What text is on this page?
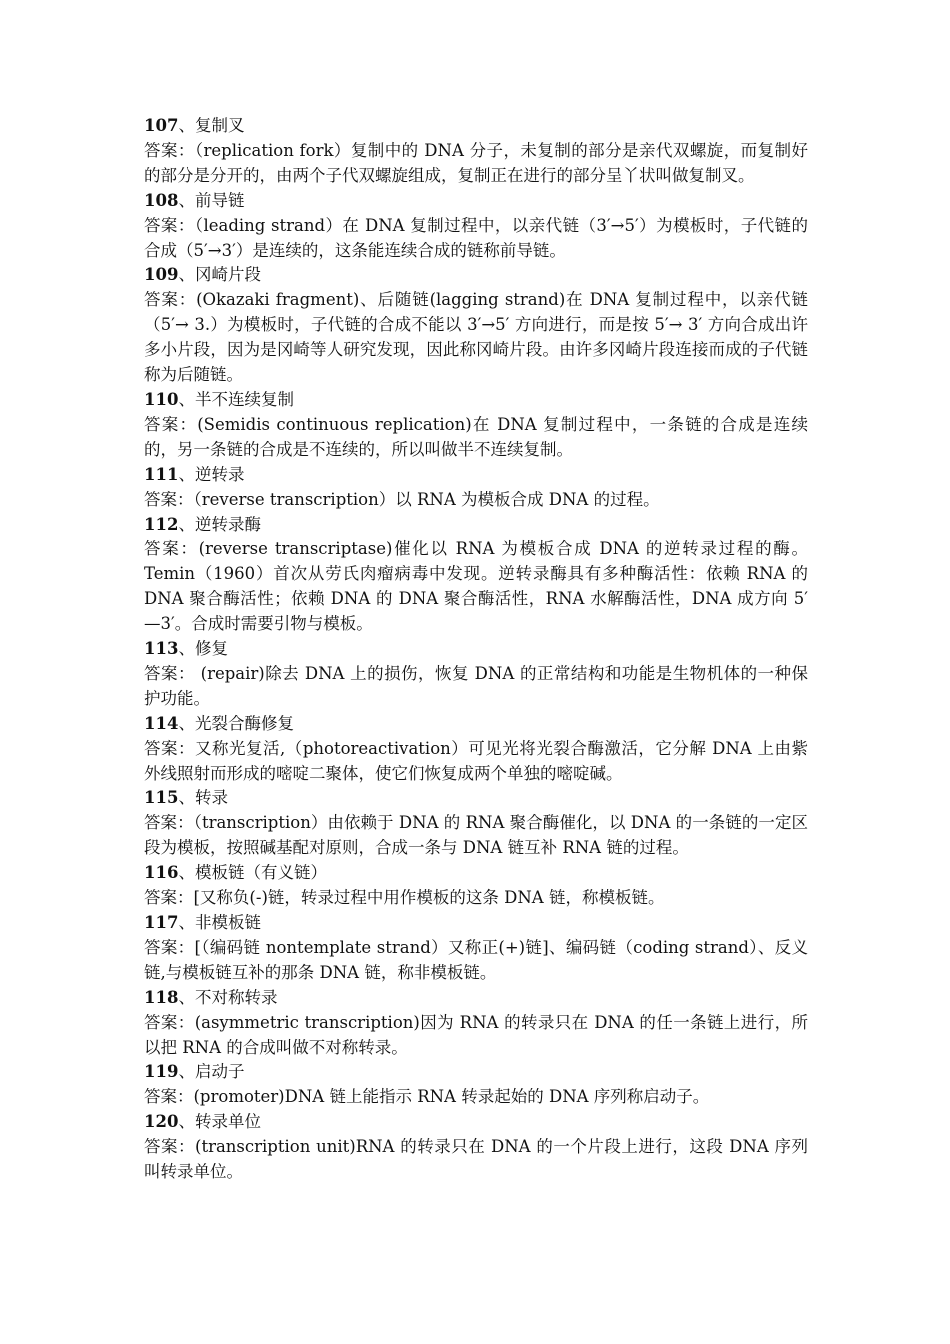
107、复制叉
答案：（replication fork）复制中的 DNA 分子，未复制的部分是亲代双螺旋，而复制好的部分是分开的，由两个子代双螺旋组成，复制正在进行的部分呈丫状叫做复制叉。
108、前导链
答案：（leading strand）在 DNA 复制过程中，以亲代链（3′→5′）为模板时，子代链的合成（5′→3′）是连续的，这条能连续合成的链称前导链。
109、冈崎片段
答案：(Okazaki fragment)、后随链(lagging strand)在 DNA 复制过程中，以亲代链（5′→ 3.）为模板时，子代链的合成不能以 3′→5′ 方向进行，而是按 5′→ 3′ 方向合成出许多小片段，因为是冈崎等人研究发现，因此称冈崎片段。由许多冈崎片段连接而成的子代链称为后随链。
110、半不连续复制
答案：(Semidis continuous replication)在 DNA 复制过程中，一条链的合成是连续的，另一条链的合成是不连续的，所以叫做半不连续复制。
111、逆转录
答案：（reverse transcription）以 RNA 为模板合成 DNA 的过程。
112、逆转录酶
答案：(reverse transcriptase)催化以 RNA 为模板合成 DNA 的逆转录过程的酶。Temin（1960）首次从劳氏肉瘤病毒中发现。逆转录酶具有多种酶活性：依赖 RNA 的 DNA 聚合酶活性；依赖 DNA 的 DNA 聚合酶活性，RNA 水解酶活性，DNA 成方向 5′—3′。合成时需要引物与模板。
113、修复
答案： (repair)除去 DNA 上的损伤，恢复 DNA 的正常结构和功能是生物机体的一种保护功能。
114、光裂合酶修复
答案：又称光复活,（photoreactivation）可见光将光裂合酶激活，它分解 DNA 上由紫外线照射而形成的嘧啶二聚体，使它们恢复成两个单独的嘧啶碱。
115、转录
答案：（transcription）由依赖于 DNA 的 RNA 聚合酶催化，以 DNA 的一条链的一定区段为模板，按照碱基配对原则，合成一条与 DNA 链互补 RNA 链的过程。
116、模板链（有义链）
答案：[又称负(-)链，转录过程中用作模板的这条 DNA 链，称模板链。
117、非模板链
答案：[（编码链 nontemplate strand）又称正(+)链]、编码链（coding strand）、反义链,与模板链互补的那条 DNA 链，称非模板链。
118、不对称转录
答案：(asymmetric transcription)因为 RNA 的转录只在 DNA 的任一条链上进行，所以把 RNA 的合成叫做不对称转录。
119、启动子
答案：(promoter)DNA 链上能指示 RNA 转录起始的 DNA 序列称启动子。
120、转录单位
答案：(transcription unit)RNA 的转录只在 DNA 的一个片段上进行，这段 DNA 序列叫转录单位。
